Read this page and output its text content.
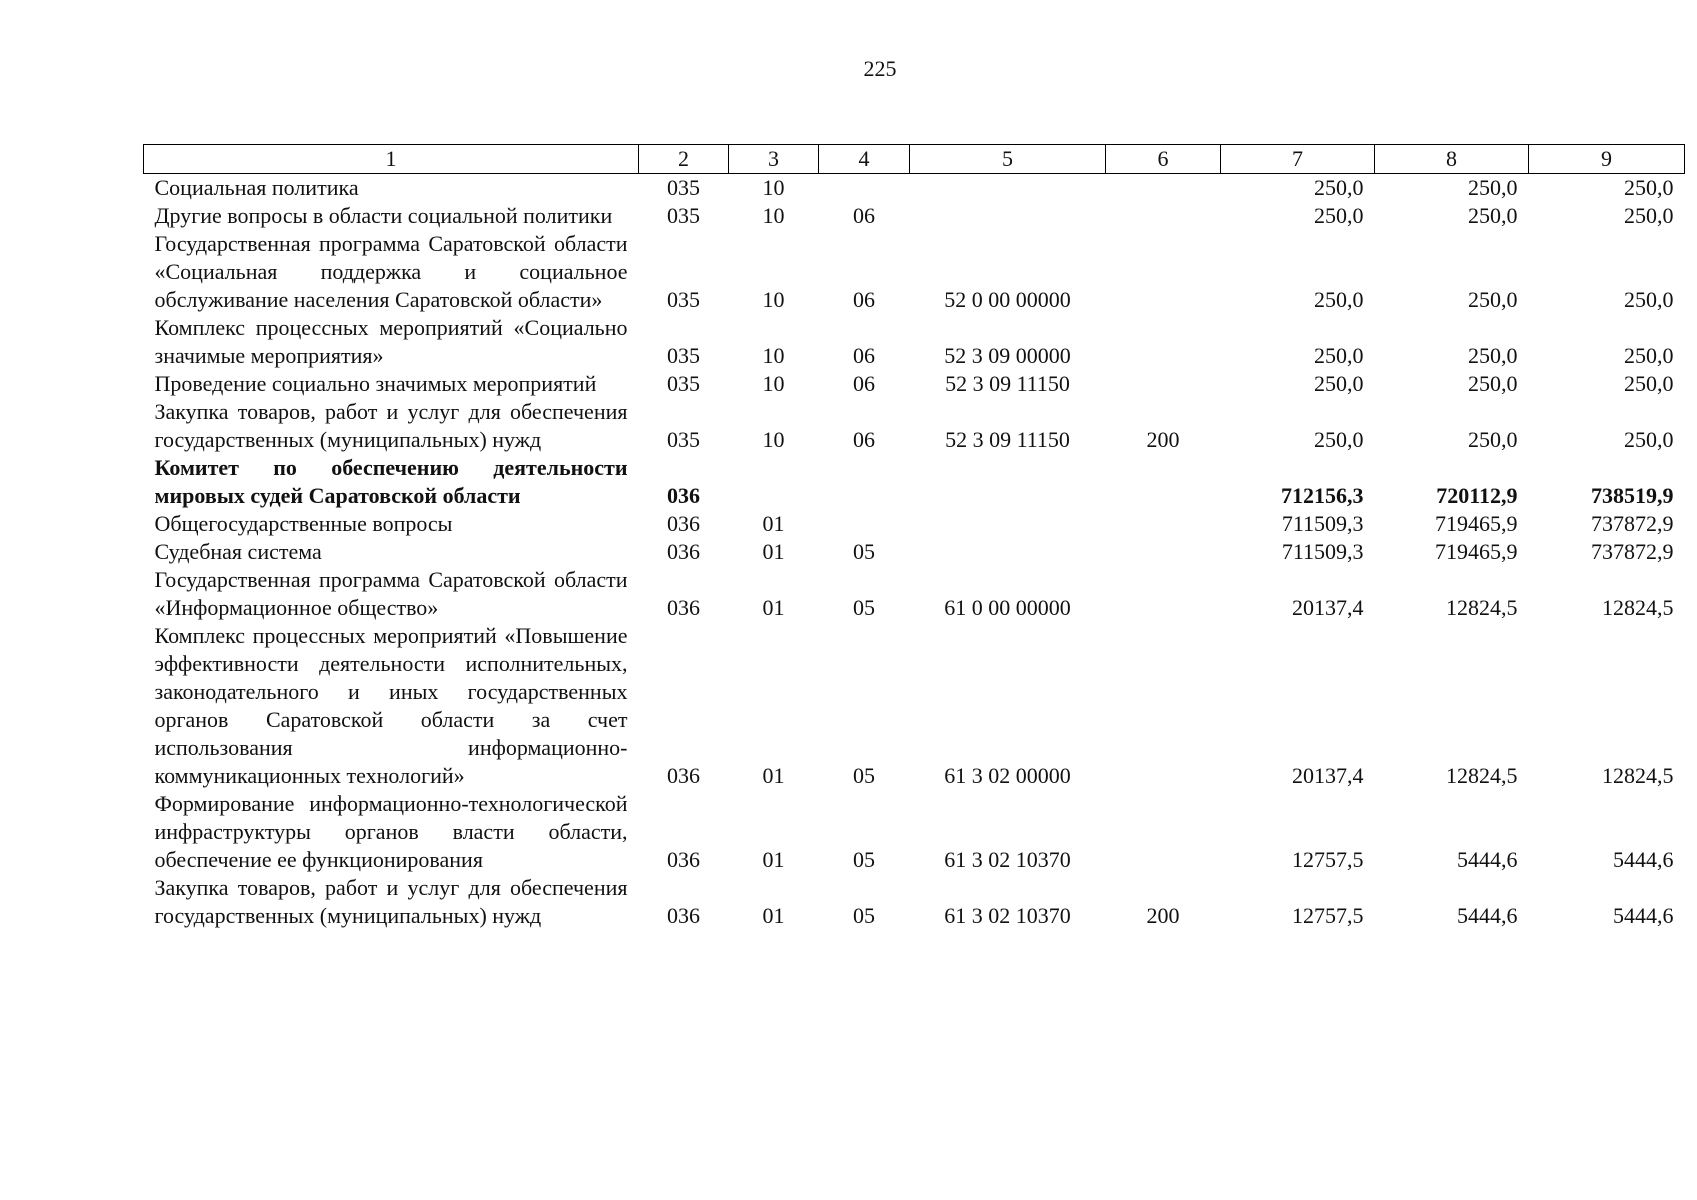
225
1	2	3	4	5	6	7	8	9
Социальная политика	035	10				250,0	250,0	250,0
Другие вопросы в области социальной политики	035	10	06			250,0	250,0	250,0
Государственная программа Саратовской области «Социальная поддержка и социальное обслуживание населения Саратовской области»	035	10	06	52 0 00 00000		250,0	250,0	250,0
Комплекс процессных мероприятий «Социально значимые мероприятия»	035	10	06	52 3 09 00000		250,0	250,0	250,0
Проведение социально значимых мероприятий	035	10	06	52 3 09 11150		250,0	250,0	250,0
Закупка товаров, работ и услуг для обеспечения государственных (муниципальных) нужд	035	10	06	52 3 09 11150	200	250,0	250,0	250,0
Комитет по обеспечению деятельности мировых судей Саратовской области	036					712156,3	720112,9	738519,9
Общегосударственные вопросы	036	01				711509,3	719465,9	737872,9
Судебная система	036	01	05			711509,3	719465,9	737872,9
Государственная программа Саратовской области «Информационное общество»	036	01	05	61 0 00 00000		20137,4	12824,5	12824,5
Комплекс процессных мероприятий «Повышение эффективности деятельности исполнительных, законодательного и иных государственных органов Саратовской области за счет использования информационно-коммуникационных технологий»	036	01	05	61 3 02 00000		20137,4	12824,5	12824,5
Формирование информационно-технологической инфраструктуры органов власти области, обеспечение ее функционирования	036	01	05	61 3 02 10370		12757,5	5444,6	5444,6
Закупка товаров, работ и услуг для обеспечения государственных (муниципальных) нужд	036	01	05	61 3 02 10370	200	12757,5	5444,6	5444,6
